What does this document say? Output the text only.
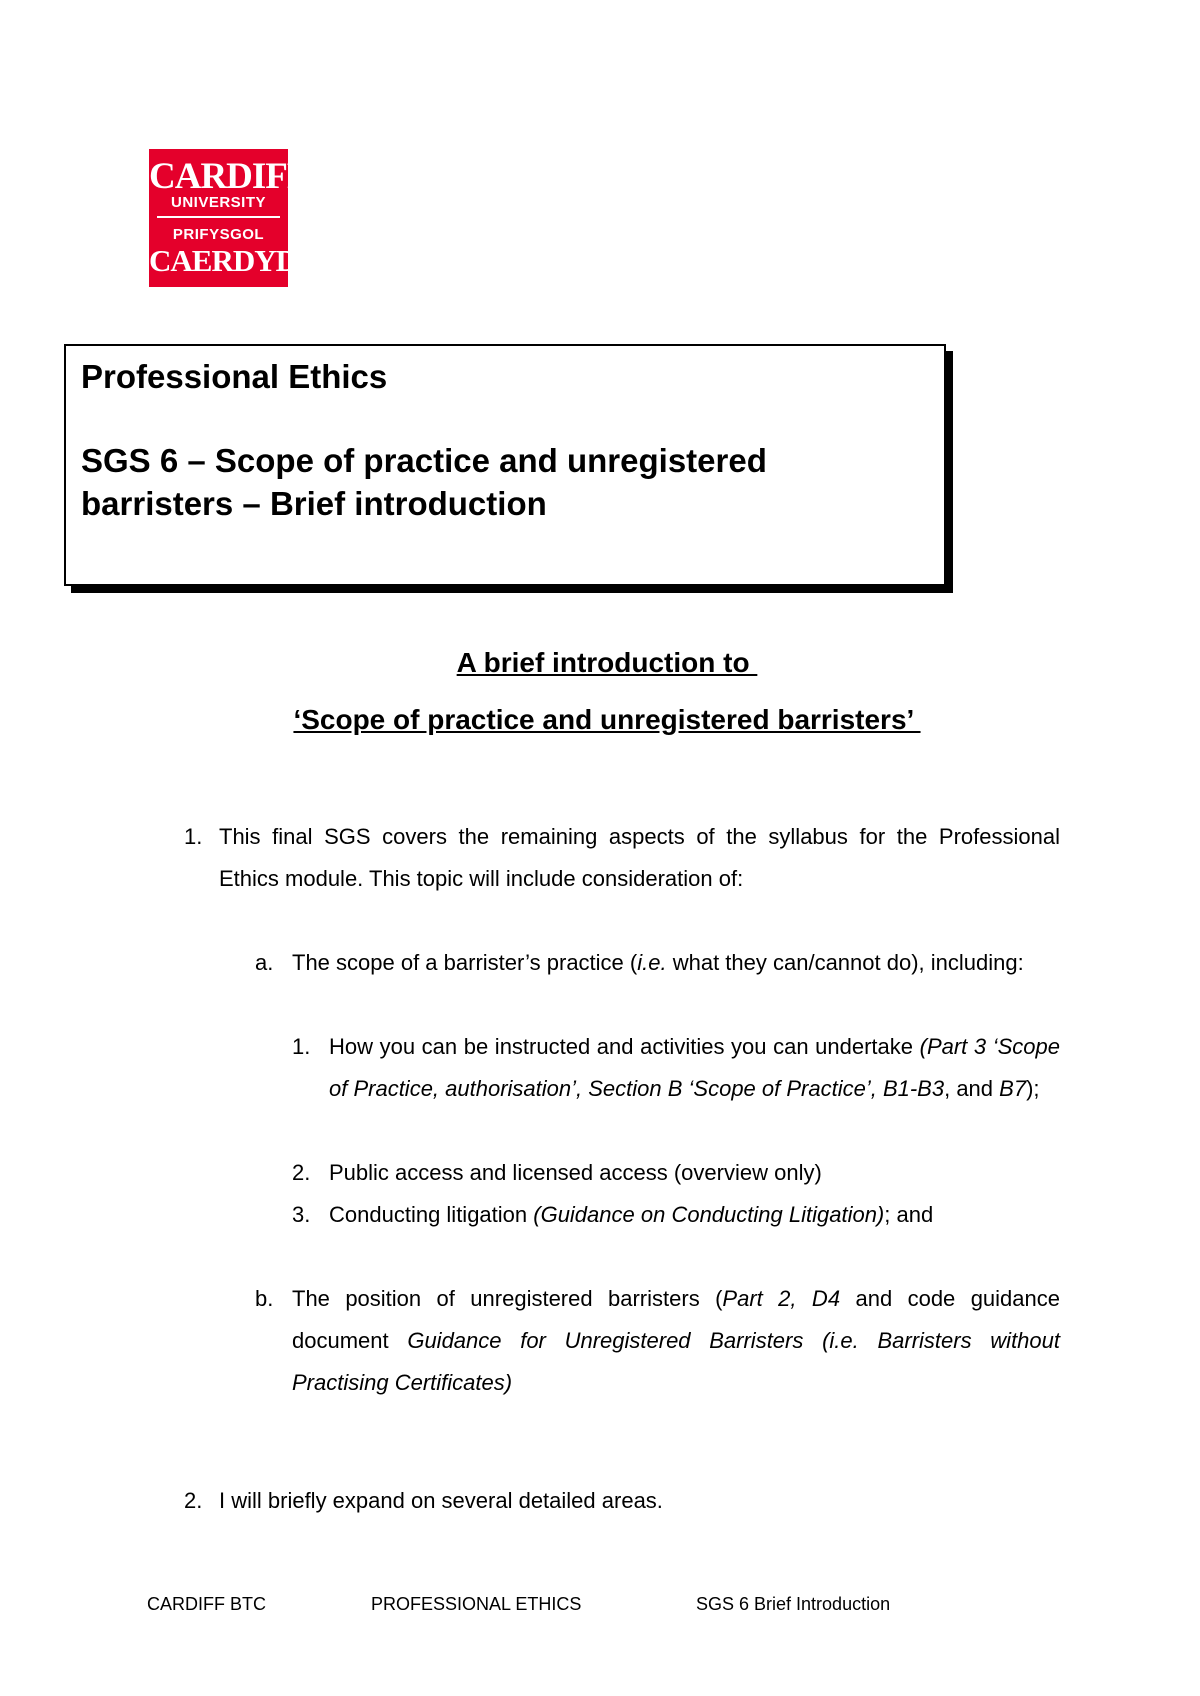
CARDIFF
UNIVERSITY
PRIFYSGOL
CAERDYDD
Professional Ethics
SGS 6 – Scope of practice and unregistered barristers – Brief introduction
A brief introduction to
‘Scope of practice and unregistered barristers’
1. This final SGS covers the remaining aspects of the syllabus for the Professional Ethics module. This topic will include consideration of:
a. The scope of a barrister’s practice (i.e. what they can/cannot do), including:
1. How you can be instructed and activities you can undertake (Part 3 ‘Scope of Practice, authorisation’, Section B ‘Scope of Practice’, B1-B3, and B7);
2. Public access and licensed access (overview only)
3. Conducting litigation (Guidance on Conducting Litigation); and
b. The position of unregistered barristers (Part 2, D4 and code guidance document Guidance for Unregistered Barristers (i.e. Barristers without Practising Certificates)
2. I will briefly expand on several detailed areas.
CARDIFF BTC	PROFESSIONAL ETHICS	SGS 6 Brief Introduction
